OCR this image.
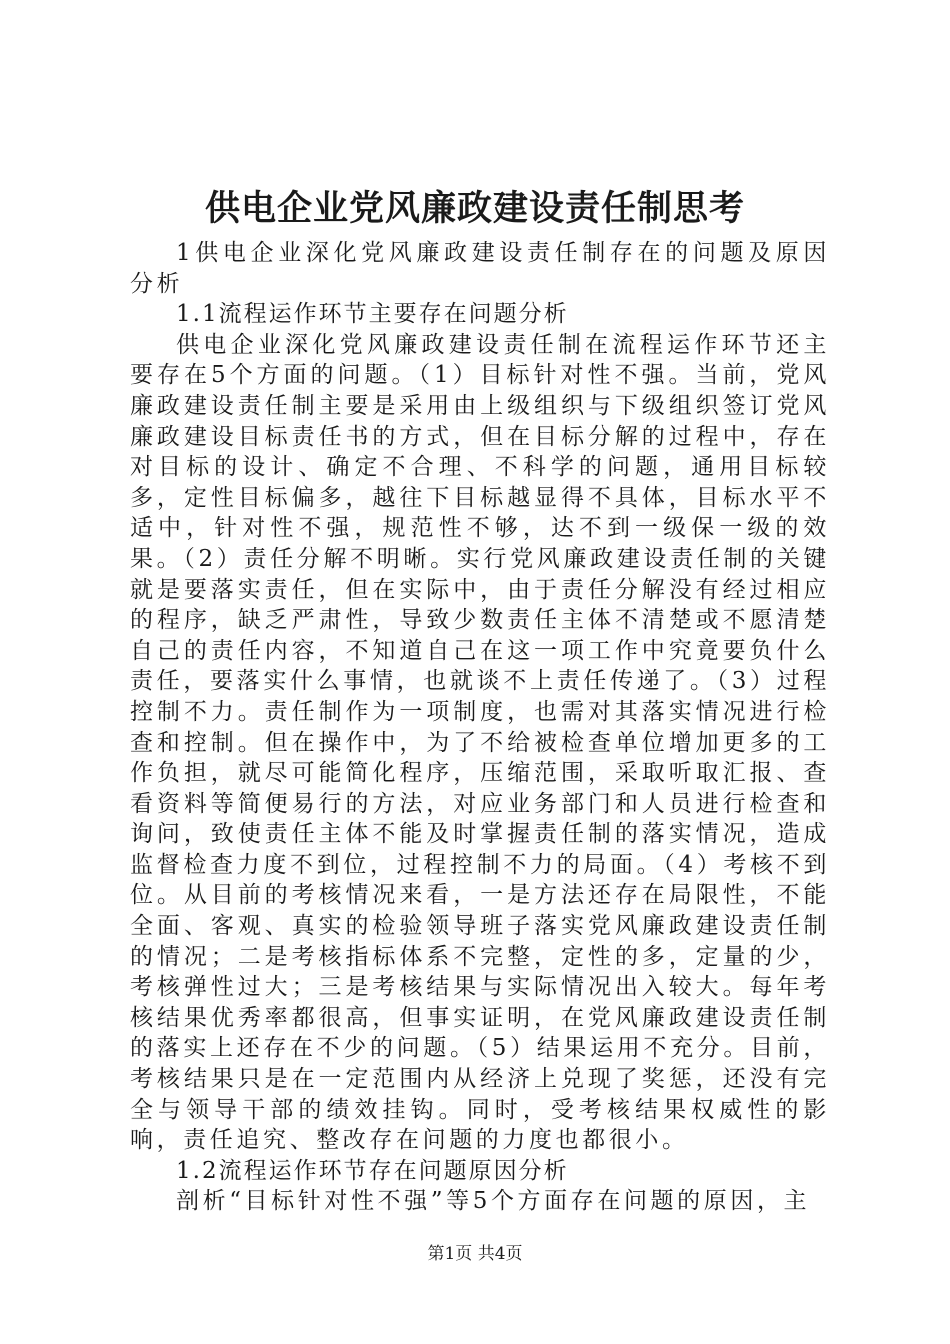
供电企业党风廉政建设责任制思考

1供电企业深化党风廉政建设责任制存在的问题及原因分析

1.1流程运作环节主要存在问题分析

供电企业深化党风廉政建设责任制在流程运作环节还主要存在5个方面的问题。（1）目标针对性不强。当前，党风廉政建设责任制主要是采用由上级组织与下级组织签订党风廉政建设目标责任书的方式，但在目标分解的过程中，存在对目标的设计、确定不合理、不科学的问题，通用目标较多，定性目标偏多，越往下目标越显得不具体，目标水平不适中，针对性不强，规范性不够，达不到一级保一级的效果。（2）责任分解不明晰。实行党风廉政建设责任制的关键就是要落实责任，但在实际中，由于责任分解没有经过相应的程序，缺乏严肃性，导致少数责任主体不清楚或不愿清楚自己的责任内容，不知道自己在这一项工作中究竟要负什么责任，要落实什么事情，也就谈不上责任传递了。（3）过程控制不力。责任制作为一项制度，也需对其落实情况进行检查和控制。但在操作中，为了不给被检查单位增加更多的工作负担，就尽可能简化程序，压缩范围，采取听取汇报、查看资料等简便易行的方法，对应业务部门和人员进行检查和询问，致使责任主体不能及时掌握责任制的落实情况，造成监督检查力度不到位，过程控制不力的局面。（4）考核不到位。从目前的考核情况来看，一是方法还存在局限性，不能全面、客观、真实的检验领导班子落实党风廉政建设责任制的情况；二是考核指标体系不完整，定性的多，定量的少，考核弹性过大；三是考核结果与实际情况出入较大。每年考核结果优秀率都很高，但事实证明，在党风廉政建设责任制的落实上还存在不少的问题。（5）结果运用不充分。目前，考核结果只是在一定范围内从经济上兑现了奖惩，还没有完全与领导干部的绩效挂钩。同时，受考核结果权威性的影响，责任追究、整改存在问题的力度也都很小。

1.2流程运作环节存在问题原因分析

剖析“目标针对性不强”等5个方面存在问题的原因，主

第1页 共4页
